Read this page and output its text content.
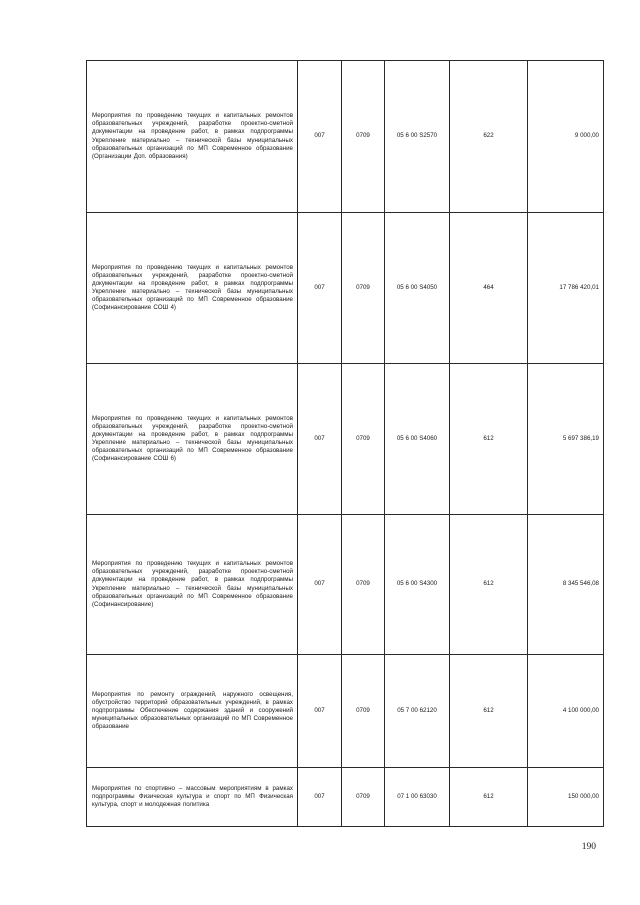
Мероприятия по проведению текущих и капитальных ремонтов образовательных учреждений, разработке проектно-сметной документации на проведение работ, в рамках подпрограммы Укрепление материально – технической базы муниципальных образовательных организаций по МП Современное образование (Организации Доп. образования)	007	0709	05 6 00 S2570	622	9 000,00
Мероприятия по проведению текущих и капитальных ремонтов образовательных учреждений, разработке проектно-сметной документации на проведение работ, в рамках подпрограммы Укрепление материально – технической базы муниципальных образовательных организаций по МП Современное образование (Софинансирование СОШ 4)	007	0709	05 6 00 S4050	464	17 786 420,01
Мероприятия по проведению текущих и капитальных ремонтов образовательных учреждений, разработке проектно-сметной документации на проведение работ, в рамках подпрограммы Укрепление материально – технической базы муниципальных образовательных организаций по МП Современное образование (Софинансирование СОШ 6)	007	0709	05 6 00 S4060	612	5 697 386,19
Мероприятия по проведению текущих и капитальных ремонтов образовательных учреждений, разработке проектно-сметной документации на проведение работ, в рамках подпрограммы Укрепление материально – технической базы муниципальных образовательных организаций по МП Современное образование (Софинансирование)	007	0709	05 6 00 S4300	612	8 345 546,08
Мероприятия по ремонту ограждений, наружного освещения, обустройство территорий образовательных учреждений, в рамках подпрограммы Обеспечение содержания зданий и сооружений муниципальных образовательных организаций по МП Современное образование	007	0709	05 7 00 62120	612	4 100 000,00
Мероприятия по спортивно – массовым мероприятиям в рамках подпрограммы Физическая культура и спорт по МП Физическая культура, спорт и молодежная политика	007	0709	07 1 00 63030	612	150 000,00
190
